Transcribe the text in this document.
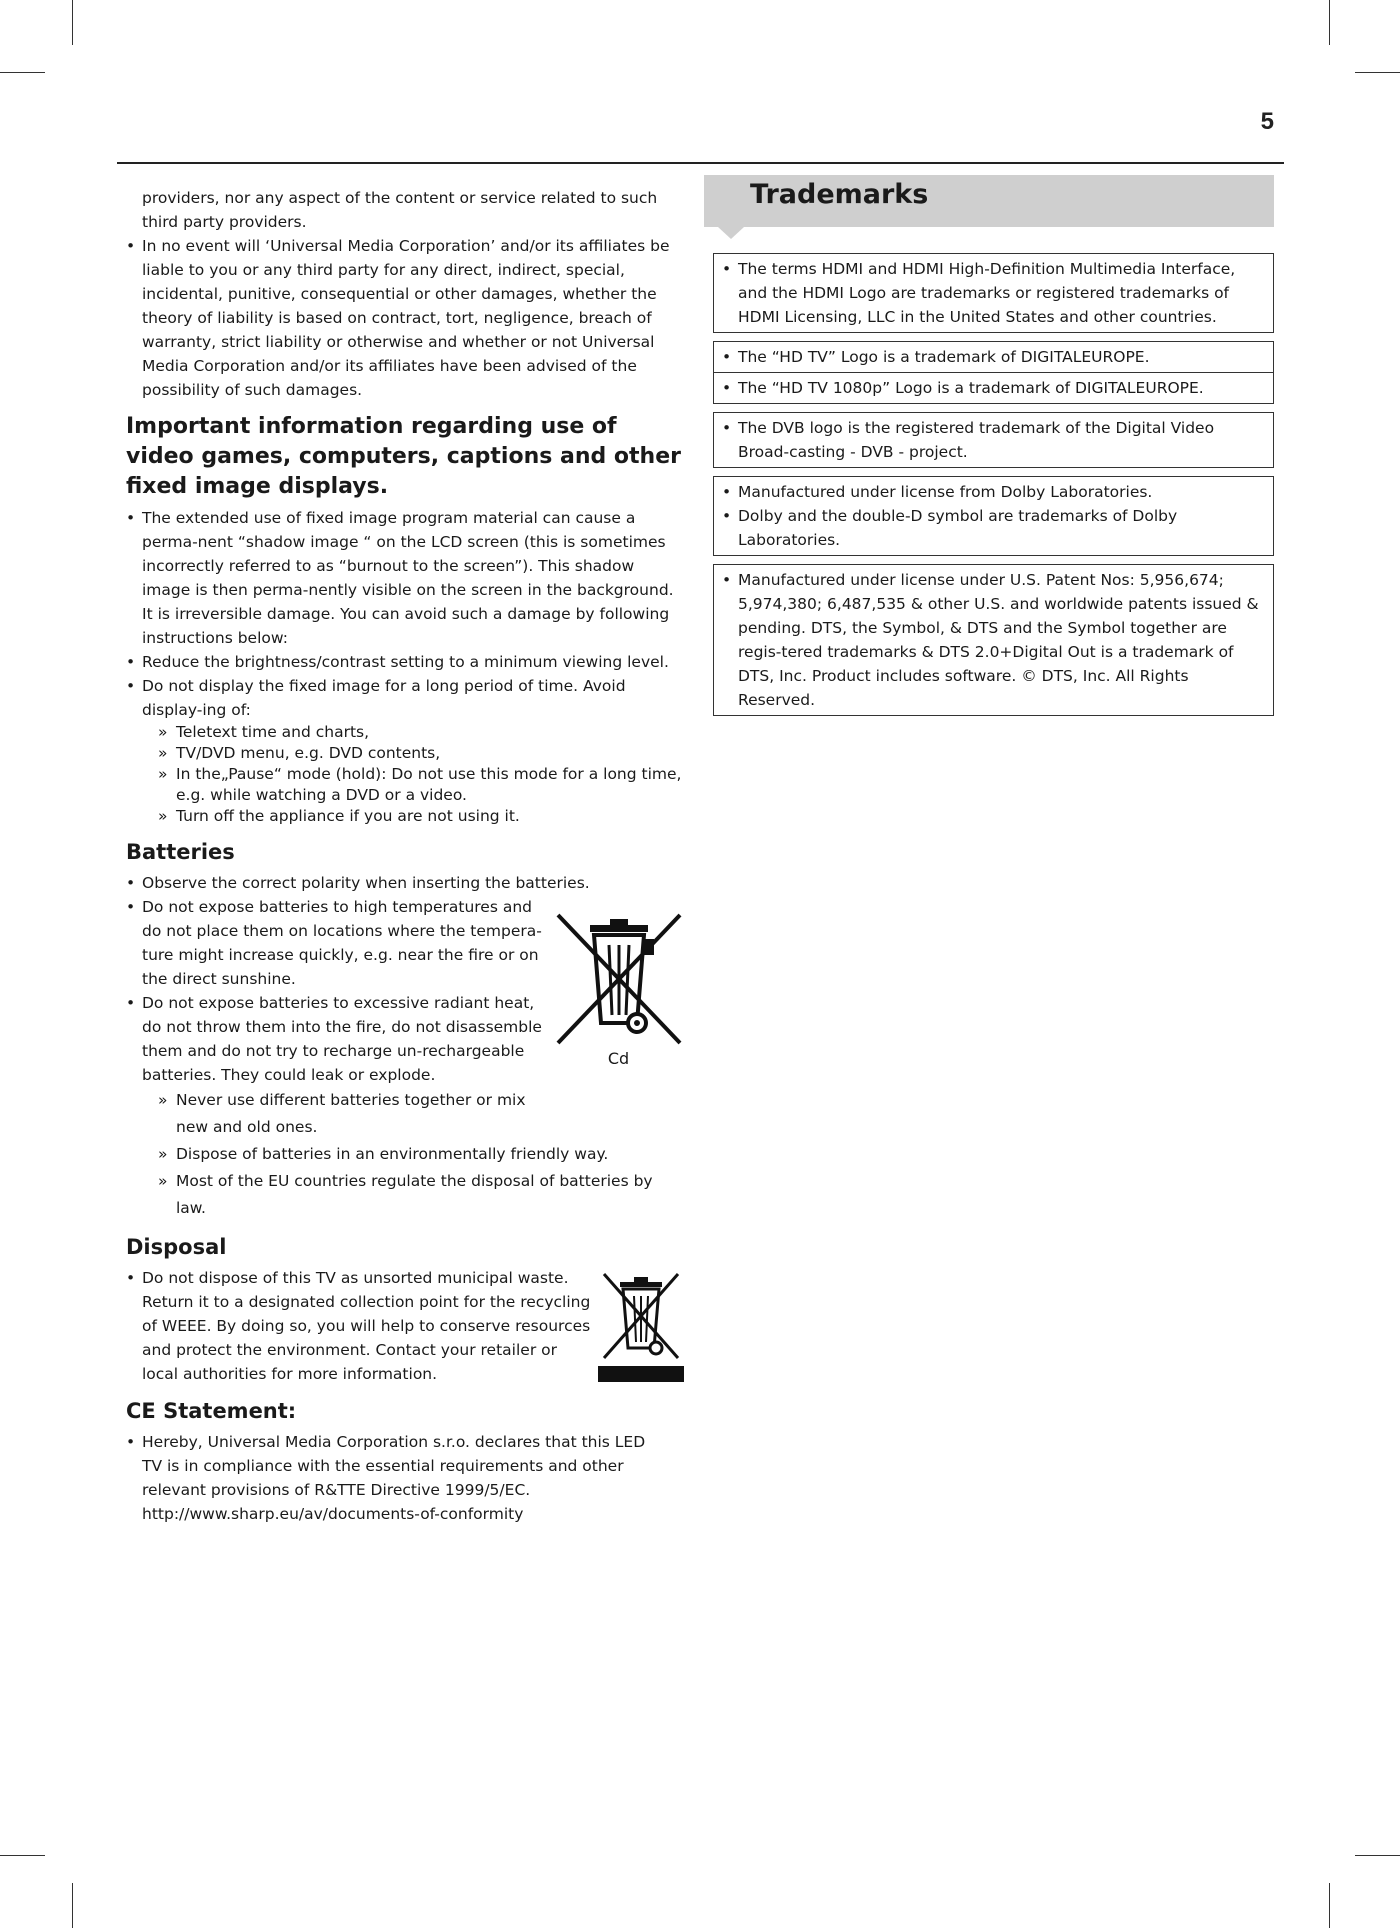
5

providers, nor any aspect of the content or service related to such third party providers.

• In no event will ‘Universal Media Corporation’ and/or its affiliates be liable to you or any third party for any direct, indirect, special, incidental, punitive, consequential or other damages, whether the theory of liability is based on contract, tort, negligence, breach of warranty, strict liability or otherwise and whether or not Universal Media Corporation and/or its affiliates have been advised of the possibility of such damages.
Important information regarding use of video games, computers, captions and other fixed image displays.
• The extended use of fixed image program material can cause a perma-nent “shadow image “ on the LCD screen (this is sometimes incorrectly referred to as “burnout to the screen”). This shadow image is then perma-nently visible on the screen in the background. It is irreversible damage. You can avoid such a damage by following instructions below:
• Reduce the brightness/contrast setting to a minimum viewing level.
• Do not display the fixed image for a long period of time. Avoid display-ing of:
» Teletext time and charts,
» TV/DVD menu, e.g. DVD contents,
» In the„Pause“ mode (hold): Do not use this mode for a long time, e.g. while watching a DVD or a video.
» Turn off the appliance if you are not using it.
Batteries
• Observe the correct polarity when inserting the batteries.
• Do not expose batteries to high temperatures and do not place them on locations where the tempera-ture might increase quickly, e.g. near the fire or on the direct sunshine.
• Do not expose batteries to excessive radiant heat, do not throw them into the fire, do not disassemble them and do not try to recharge un-rechargeable batteries. They could leak or explode.
» Never use different batteries together or mix new and old ones.
» Dispose of batteries in an environmentally friendly way.
» Most of the EU countries regulate the disposal of batteries by law.
Cd
Disposal
• Do not dispose of this TV as unsorted municipal waste. Return it to a designated collection point for the recycling of WEEE. By doing so, you will help to conserve resources and protect the environment. Contact your retailer or local authorities for more information.
CE Statement:
• Hereby, Universal Media Corporation s.r.o. declares that this LED TV is in compliance with the essential requirements and other relevant provisions of R&TTE Directive 1999/5/EC. http://www.sharp.eu/av/documents-of-conformity
Trademarks
• The terms HDMI and HDMI High-Definition Multimedia Interface, and the HDMI Logo are trademarks or registered trademarks of HDMI Licensing, LLC in the United States and other countries.
• The “HD TV” Logo is a trademark of DIGITALEUROPE.
• The “HD TV 1080p” Logo is a trademark of DIGITALEUROPE.
• The DVB logo is the registered trademark of the Digital Video Broad-casting - DVB - project.
• Manufactured under license from Dolby Laboratories.
• Dolby and the double-D symbol are trademarks of Dolby Laboratories.
• Manufactured under license under U.S. Patent Nos: 5,956,674; 5,974,380; 6,487,535 & other U.S. and worldwide patents issued & pending. DTS, the Symbol, & DTS and the Symbol together are regis-tered trademarks & DTS 2.0+Digital Out is a trademark of DTS, Inc. Product includes software. © DTS, Inc. All Rights Reserved.
